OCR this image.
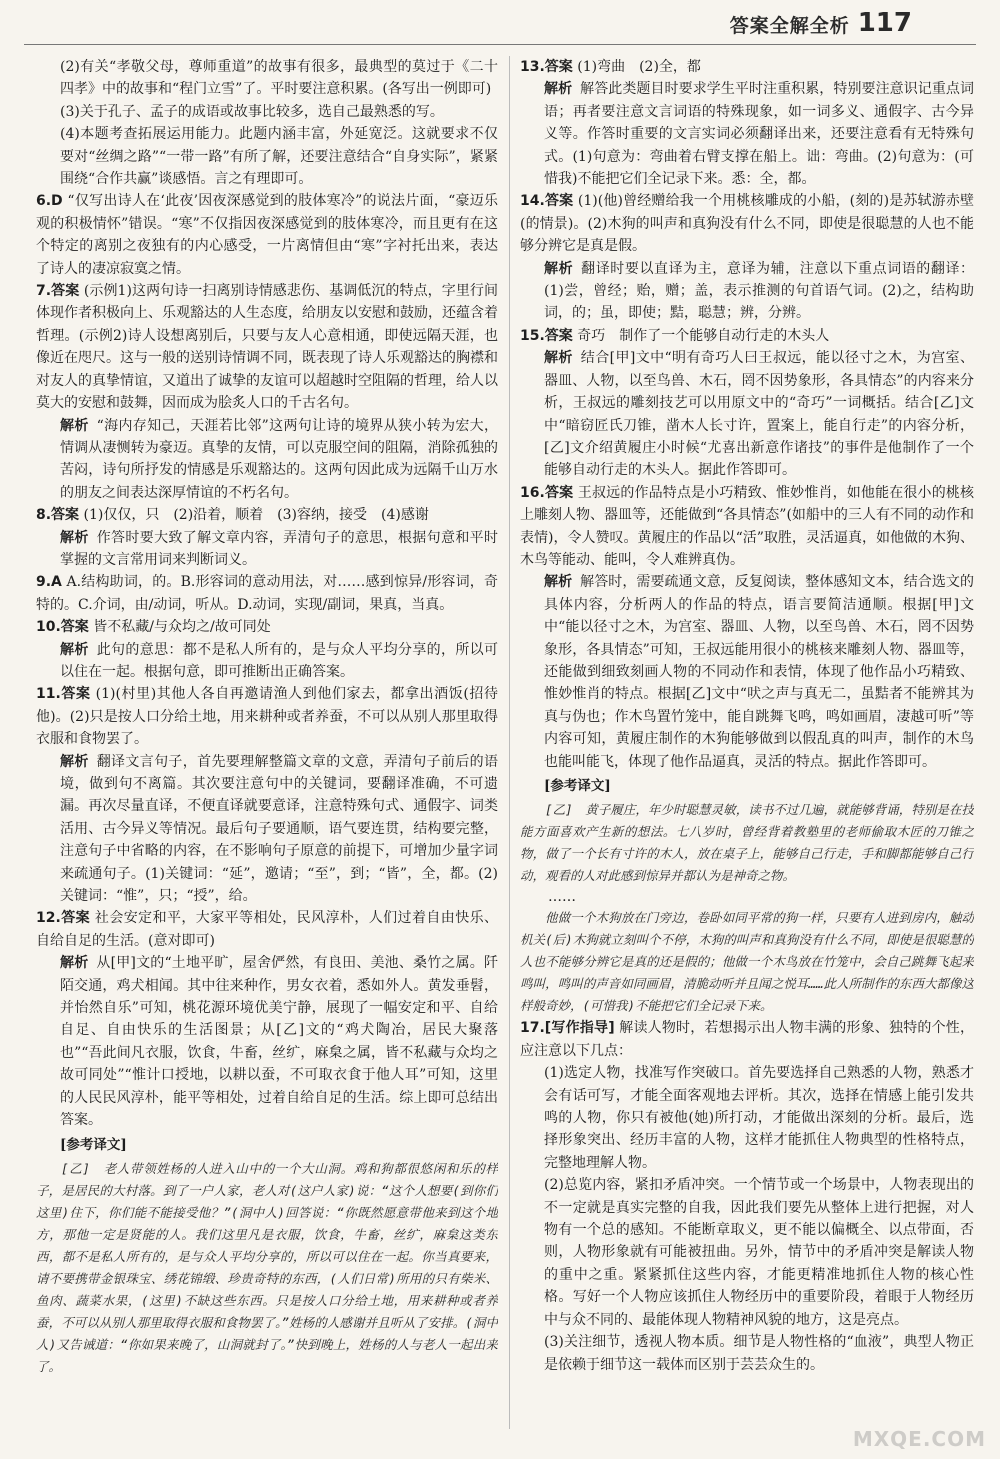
答案全解全析 117

(2)有关“孝敬父母，尊师重道”的故事有很多，最典型的莫过于《二十四孝》中的故事和“程门立雪”了。平时要注意积累。(各写出一例即可)

(3)关于孔子、孟子的成语或故事比较多，选自己最熟悉的写。

(4)本题考查拓展运用能力。此题内涵丰富，外延宽泛。这就要求不仅要对“丝绸之路”“一带一路”有所了解，还要注意结合“自身实际”，紧紧围绕“合作共赢”谈感悟。言之有理即可。

6.D “仅写出诗人在‘此夜’因夜深感觉到的肢体寒冷”的说法片面，“豪迈乐观的积极情怀”错误。“寒”不仅指因夜深感觉到的肢体寒冷，而且更有在这个特定的离别之夜独有的内心感受，一片离情但由“寒”字衬托出来，表达了诗人的凄凉寂寞之情。

7.答案 (示例1)这两句诗一扫离别诗情感悲伤、基调低沉的特点，字里行间体现作者积极向上、乐观豁达的人生态度，给朋友以安慰和鼓励，还蕴含着哲理。(示例2)诗人设想离别后，只要与友人心意相通，即使远隔天涯，也像近在咫尺。这与一般的送别诗情调不同，既表现了诗人乐观豁达的胸襟和对友人的真挚情谊，又道出了诚挚的友谊可以超越时空阻隔的哲理，给人以莫大的安慰和鼓舞，因而成为脍炙人口的千古名句。

解析 “海内存知己，天涯若比邻”这两句让诗的境界从狭小转为宏大，情调从凄恻转为豪迈。真挚的友情，可以克服空间的阻隔，消除孤独的苦闷，诗句所抒发的情感是乐观豁达的。这两句因此成为远隔千山万水的朋友之间表达深厚情谊的不朽名句。

8.答案 (1)仅仅，只　(2)沿着，顺着　(3)容纳，接受　(4)感谢

解析 作答时要大致了解文章内容，弄清句子的意思，根据句意和平时掌握的文言常用词来判断词义。

9.A A.结构助词，的。B.形容词的意动用法，对……感到惊异/形容词，奇特的。C.介词，由/动词，听从。D.动词，实现/副词，果真，当真。

10.答案 皆不私藏/与众均之/故可同处

解析 此句的意思：都不是私人所有的，是与众人平均分享的，所以可以住在一起。根据句意，即可推断出正确答案。

11.答案 (1)(村里)其他人各自再邀请渔人到他们家去，都拿出酒饭(招待他)。(2)只是按人口分给土地，用来耕种或者养蚕，不可以从别人那里取得衣服和食物罢了。

解析 翻译文言句子，首先要理解整篇文章的文意，弄清句子前后的语境，做到句不离篇。其次要注意句中的关键词，要翻译准确，不可遗漏。再次尽量直译，不便直译就要意译，注意特殊句式、通假字、词类活用、古今异义等情况。最后句子要通顺，语气要连贯，结构要完整，注意句子中省略的内容，在不影响句子原意的前提下，可增加少量字词来疏通句子。(1)关键词：“延”，邀请；“至”，到；“皆”，全，都。(2)关键词：“惟”，只；“授”，给。

12.答案 社会安定和平，大家平等相处，民风淳朴，人们过着自由快乐、自给自足的生活。(意对即可)

解析 从[甲]文的“土地平旷，屋舍俨然，有良田、美池、桑竹之属。阡陌交通，鸡犬相闻。其中往来种作，男女衣着，悉如外人。黄发垂髫，并怡然自乐”可知，桃花源环境优美宁静，展现了一幅安定和平、自给自足、自由快乐的生活图景；从[乙]文的“鸡犬陶冶，居民大聚落也”“吾此间凡衣服，饮食，牛畜，丝纩，麻枲之属，皆不私藏与众均之故可同处”“惟计口授地，以耕以蚕，不可取衣食于他人耳”可知，这里的人民民风淳朴，能平等相处，过着自给自足的生活。综上即可总结出答案。

[参考译文]

[乙]　老人带领姓杨的人进入山中的一个大山洞。鸡和狗都很悠闲和乐的样子，是居民的大村落。到了一户人家，老人对(这户人家)说：“这个人想要(到你们这里)住下，你们能不能接受他？”(洞中人)回答说：“你既然愿意带他来到这个地方，那他一定是贤能的人。我们这里凡是衣服，饮食，牛畜，丝纩，麻枲这类东西，都不是私人所有的，是与众人平均分享的，所以可以住在一起。你当真要来，请不要携带金银珠宝、绣花锦缎、珍贵奇特的东西，(人们日常)所用的只有柴米、鱼肉、蔬菜水果，(这里)不缺这些东西。只是按人口分给土地，用来耕种或者养蚕，不可以从别人那里取得衣服和食物罢了。”姓杨的人感谢并且听从了安排。(洞中人)又告诫道：“你如果来晚了，山洞就封了。”快到晚上，姓杨的人与老人一起出来了。

13.答案 (1)弯曲　(2)全，都

解析 解答此类题目时要求学生平时注重积累，特别要注意识记重点词语；再者要注意文言词语的特殊现象，如一词多义、通假字、古今异义等。作答时重要的文言实词必须翻译出来，还要注意看有无特殊句式。(1)句意为：弯曲着右臂支撑在船上。诎：弯曲。(2)句意为：(可惜我)不能把它们全记录下来。悉：全，都。

14.答案 (1)(他)曾经赠给我一个用桃核雕成的小船，(刻的)是苏轼游赤壁(的情景)。(2)木狗的叫声和真狗没有什么不同，即使是很聪慧的人也不能够分辨它是真是假。

解析 翻译时要以直译为主，意译为辅，注意以下重点词语的翻译：(1)尝，曾经；贻，赠；盖，表示推测的句首语气词。(2)之，结构助词，的；虽，即使；黠，聪慧；辨，分辨。

15.答案 奇巧　制作了一个能够自动行走的木头人

解析 结合[甲]文中“明有奇巧人曰王叔远，能以径寸之木，为宫室、器皿、人物，以至鸟兽、木石，罔不因势象形，各具情态”的内容来分析，王叔远的雕刻技艺可以用原文中的“奇巧”一词概括。结合[乙]文中“暗窃匠氏刀锥，凿木人长寸许，置案上，能自行走”的内容分析，[乙]文介绍黄履庄小时候“尤喜出新意作诸技”的事件是他制作了一个能够自动行走的木头人。据此作答即可。

16.答案 王叔远的作品特点是小巧精致、惟妙惟肖，如他能在很小的桃核上雕刻人物、器皿等，还能做到“各具情态”(如船中的三人有不同的动作和表情)，令人赞叹。黄履庄的作品以“活”取胜，灵活逼真，如他做的木狗、木鸟等能动、能叫，令人难辨真伪。

解析 解答时，需要疏通文意，反复阅读，整体感知文本，结合选文的具体内容，分析两人的作品的特点，语言要简洁通顺。根据[甲]文中“能以径寸之木，为宫室、器皿、人物，以至鸟兽、木石，罔不因势象形，各具情态”可知，王叔远能用很小的桃核来雕刻人物、器皿等，还能做到细致刻画人物的不同动作和表情，体现了他作品小巧精致、惟妙惟肖的特点。根据[乙]文中“吠之声与真无二，虽黠者不能辨其为真与伪也；作木鸟置竹笼中，能自跳舞飞鸣，鸣如画眉，凄越可听”等内容可知，黄履庄制作的木狗能够做到以假乱真的叫声，制作的木鸟也能叫能飞，体现了他作品逼真，灵活的特点。据此作答即可。

[参考译文]

[乙]　黄子履庄，年少时聪慧灵敏，读书不过几遍，就能够背诵，特别是在技能方面喜欢产生新的想法。七八岁时，曾经背着教塾里的老师偷取木匠的刀锥之物，做了一个长有寸许的木人，放在桌子上，能够自己行走，手和脚都能够自己行动，观看的人对此感到惊异并都认为是神奇之物。

……

他做一个木狗放在门旁边，卷卧如同平常的狗一样，只要有人进到房内，触动机关(后)木狗就立刻叫个不停，木狗的叫声和真狗没有什么不同，即使是很聪慧的人也不能够分辨它是真的还是假的；他做一个木鸟放在竹笼中，会自己跳舞飞起来鸣叫，鸣叫的声音如同画眉，清脆动听并且闻之悦耳……此人所制作的东西大都像这样般奇妙，(可惜我)不能把它们全记录下来。

17.[写作指导] 解读人物时，若想揭示出人物丰满的形象、独特的个性，应注意以下几点：

(1)选定人物，找准写作突破口。首先要选择自己熟悉的人物，熟悉才会有话可写，才能全面客观地去评析。其次，选择在情感上能引发共鸣的人物，你只有被他(她)所打动，才能做出深刻的分析。最后，选择形象突出、经历丰富的人物，这样才能抓住人物典型的性格特点，完整地理解人物。

(2)总览内容，紧扣矛盾冲突。一个情节或一个场景中，人物表现出的不一定就是真实完整的自我，因此我们要先从整体上进行把握，对人物有一个总的感知。不能断章取义，更不能以偏概全、以点带面，否则，人物形象就有可能被扭曲。另外，情节中的矛盾冲突是解读人物的重中之重。紧紧抓住这些内容，才能更精准地抓住人物的核心性格。写好一个人物应该抓住人物经历中的重要阶段，着眼于人物经历中与众不同的、最能体现人物精神风貌的地方，这是亮点。

(3)关注细节，透视人物本质。细节是人物性格的“血液”，典型人物正是依赖于细节这一载体而区别于芸芸众生的。

MXQE.COM
